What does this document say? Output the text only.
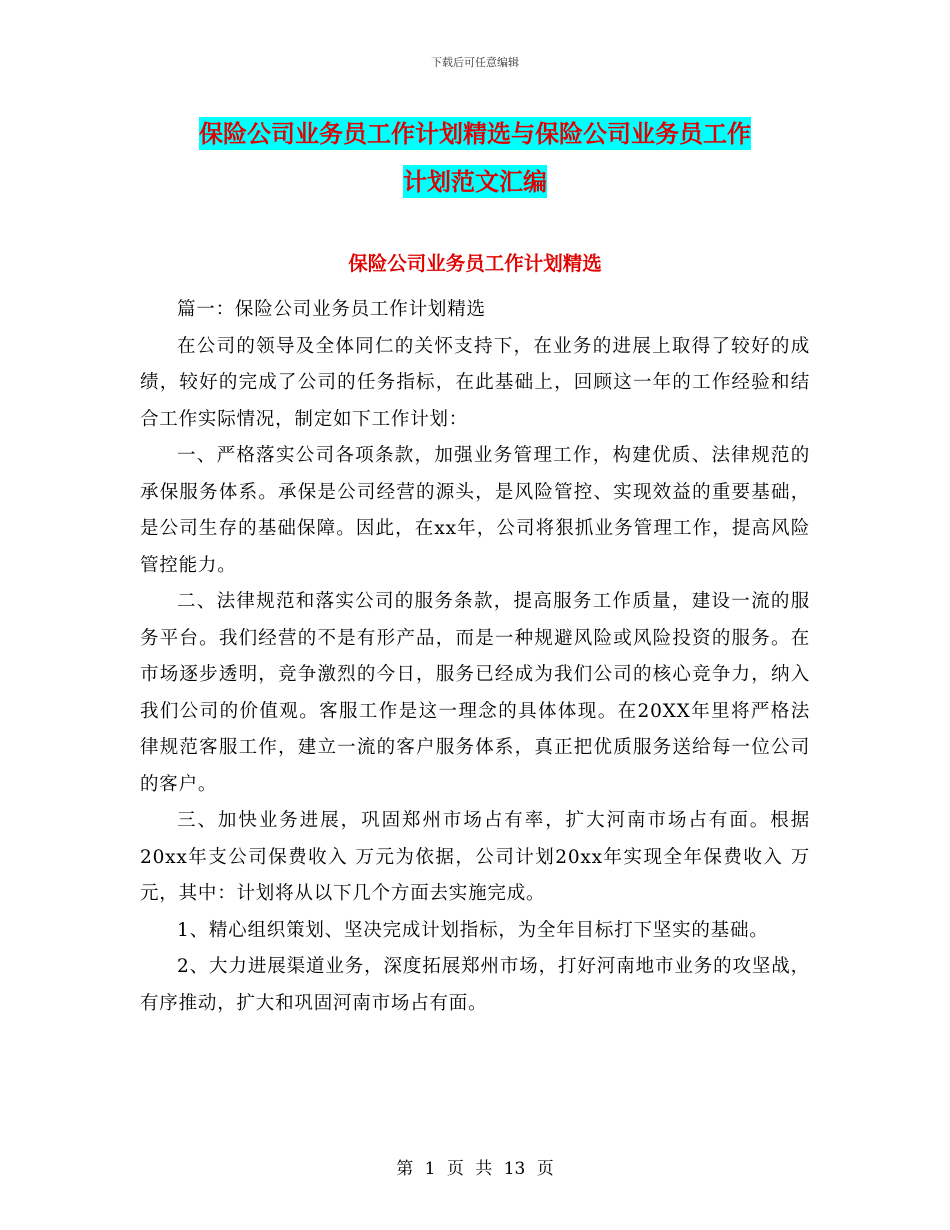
下载后可任意编辑
保险公司业务员工作计划精选与保险公司业务员工作
计划范文汇编
保险公司业务员工作计划精选

篇一：保险公司业务员工作计划精选

在公司的领导及全体同仁的关怀支持下，在业务的进展上取得了较好的成绩，较好的完成了公司的任务指标，在此基础上，回顾这一年的工作经验和结合工作实际情况，制定如下工作计划：

一、严格落实公司各项条款，加强业务管理工作，构建优质、法律规范的承保服务体系。承保是公司经营的源头，是风险管控、实现效益的重要基础，是公司生存的基础保障。因此，在xx年，公司将狠抓业务管理工作，提高风险管控能力。

二、法律规范和落实公司的服务条款，提高服务工作质量，建设一流的服务平台。我们经营的不是有形产品，而是一种规避风险或风险投资的服务。在市场逐步透明，竞争激烈的今日，服务已经成为我们公司的核心竞争力，纳入我们公司的价值观。客服工作是这一理念的具体体现。在20XX年里将严格法律规范客服工作，建立一流的客户服务体系，真正把优质服务送给每一位公司的客户。

三、加快业务进展，巩固郑州市场占有率，扩大河南市场占有面。根据20xx年支公司保费收入 万元为依据，公司计划20xx年实现全年保费收入 万元，其中：计划将从以下几个方面去实施完成。

1、精心组织策划、坚决完成计划指标，为全年目标打下坚实的基础。

2、大力进展渠道业务，深度拓展郑州市场，打好河南地市业务的攻坚战，有序推动，扩大和巩固河南市场占有面。

第 1 页 共 13 页
